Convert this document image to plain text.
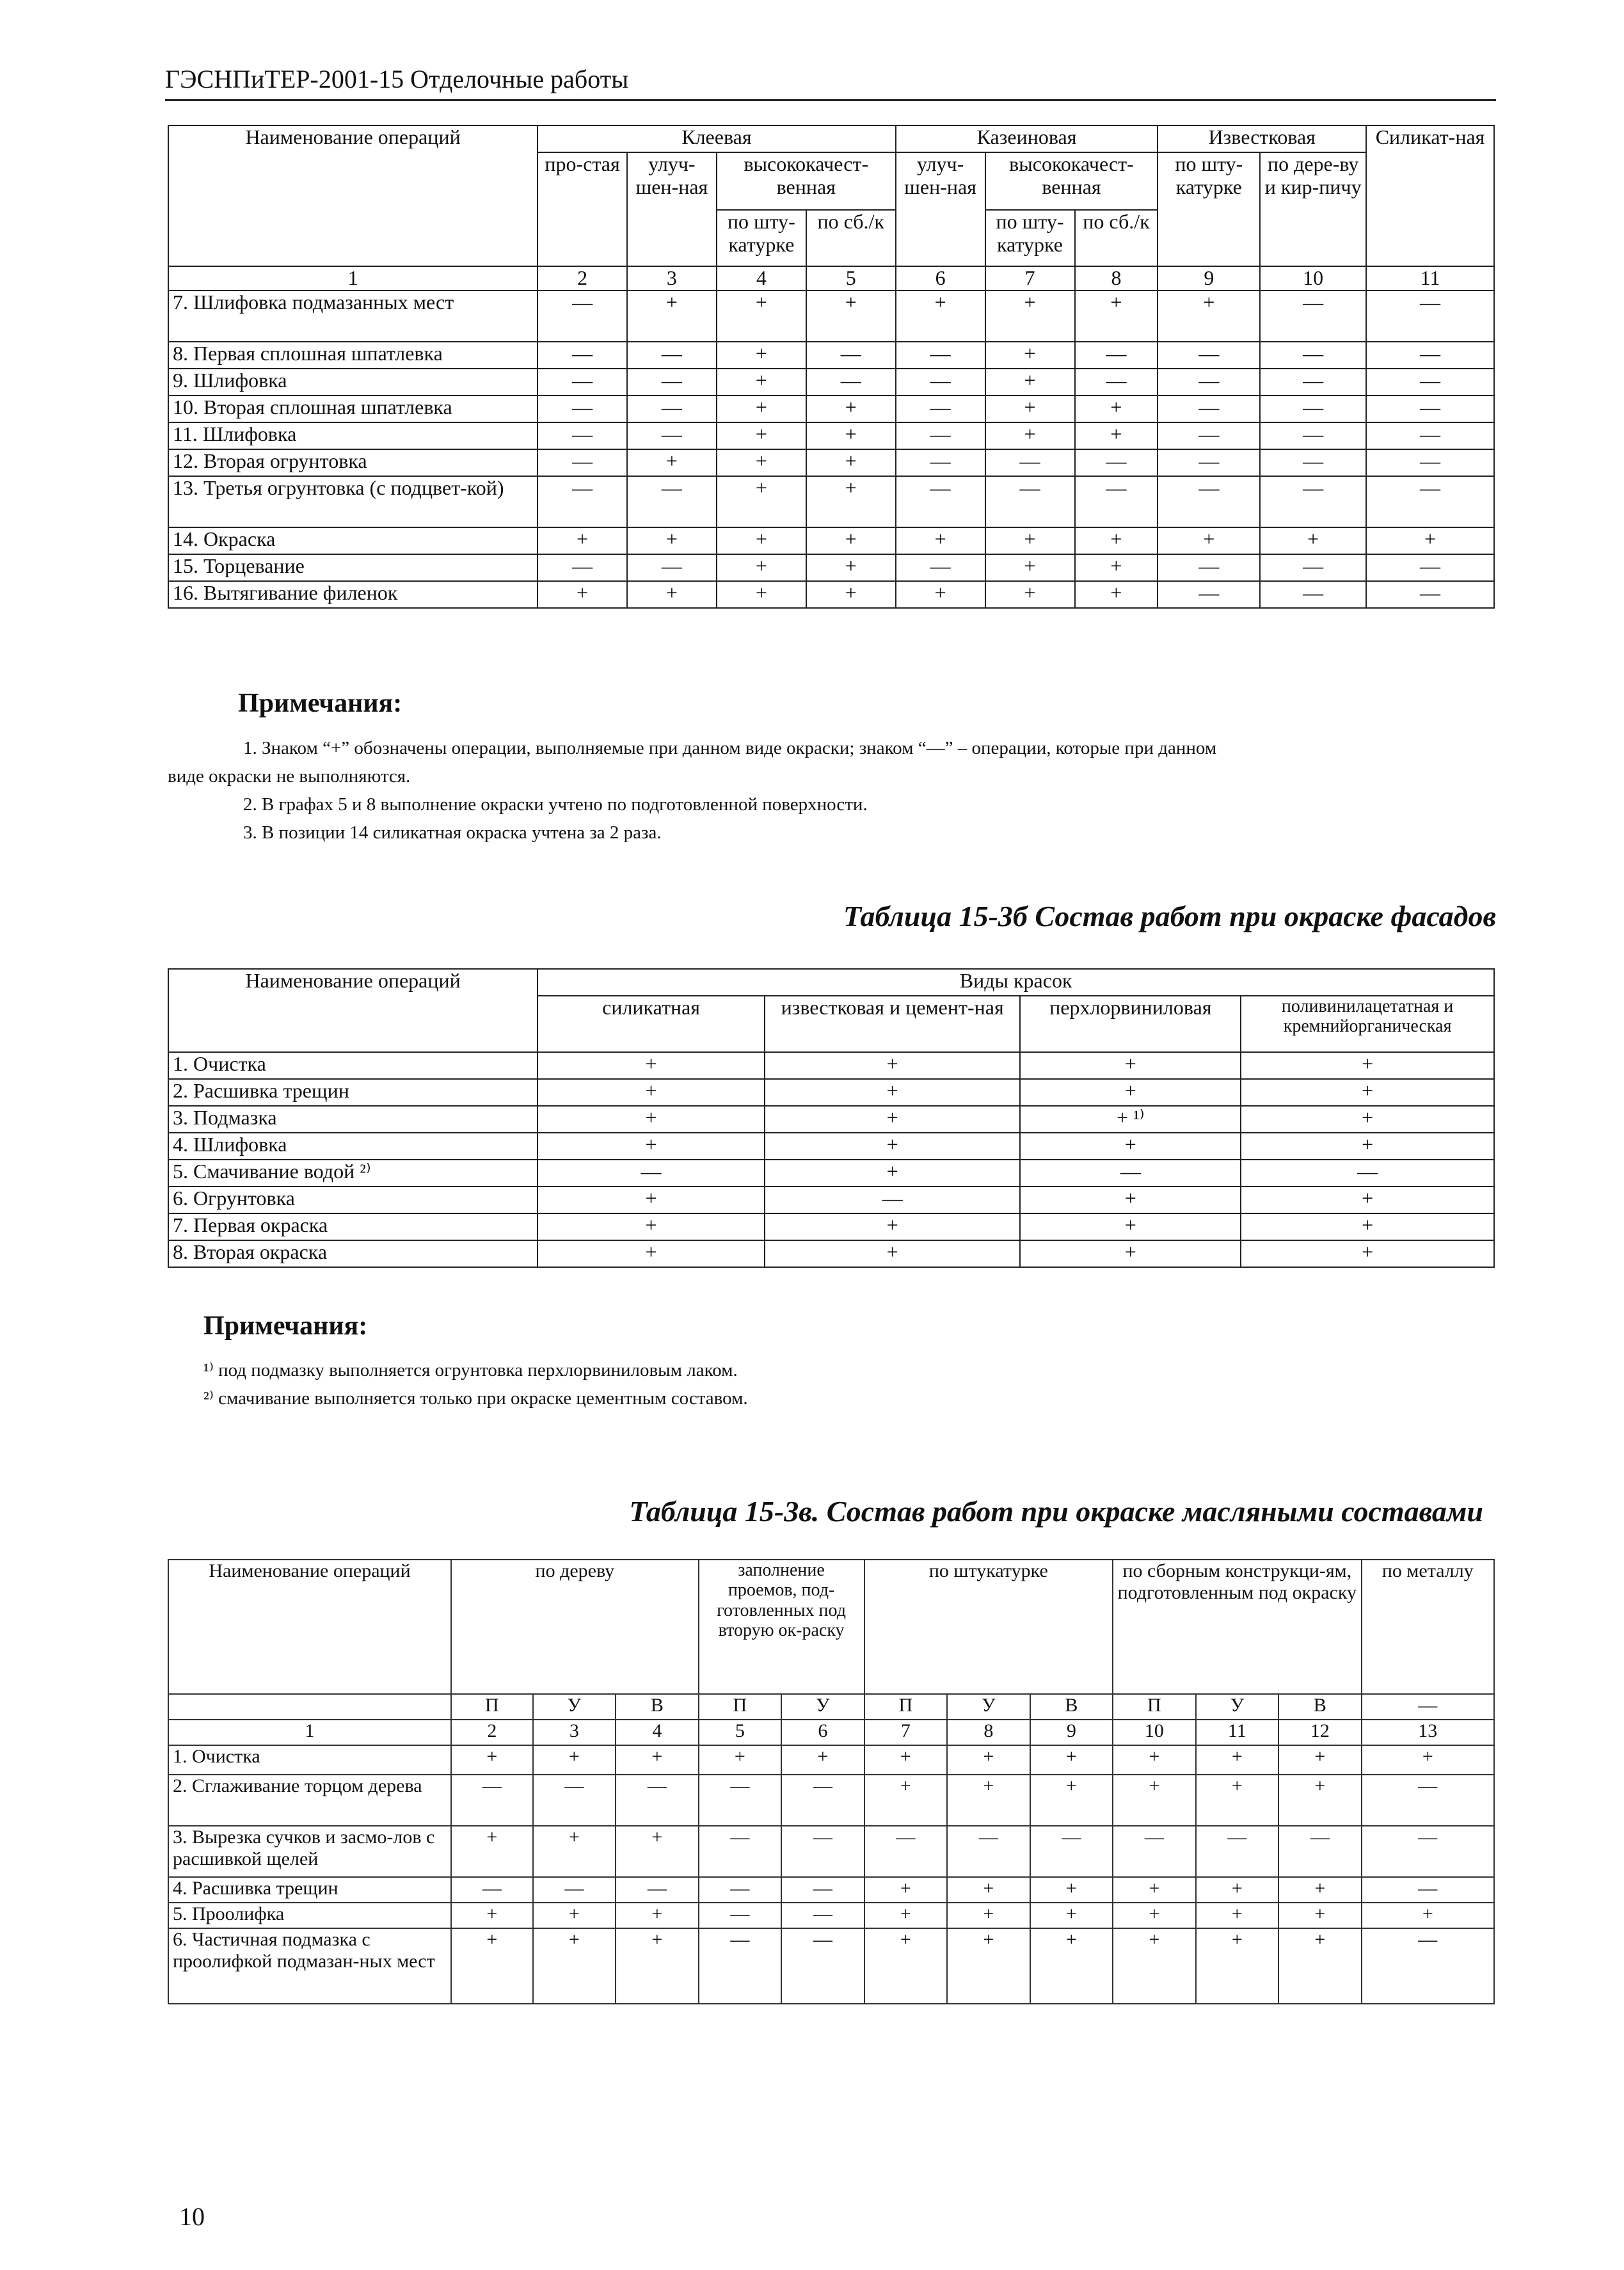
ГЭСНПиТЕР-2001-15 Отделочные работы
Наименование операций	Клеевая				Казеиновая			Известковая		Силикат-ная
	про-стая	улуч-шен-ная	высококачест-венная		улуч-шен-ная	высококачест-венная		по шту-катурке	по дере-ву и кир-пичу	
			по шту-катурке	по сб./к		по шту-катурке	по сб./к			
1	2	3	4	5	6	7	8	9	10	11
7. Шлифовка подмазанных мест	—	+	+	+	+	+	+	+	—	—
8. Первая сплошная шпатлевка	—	—	+	—	—	+	—	—	—	—
9. Шлифовка	—	—	+	—	—	+	—	—	—	—
10. Вторая сплошная шпатлевка	—	—	+	+	—	+	+	—	—	—
11. Шлифовка	—	—	+	+	—	+	+	—	—	—
12. Вторая огрунтовка	—	+	+	+	—	—	—	—	—	—
13. Третья огрунтовка (с подцвет-кой)	—	—	+	+	—	—	—	—	—	—
14. Окраска	+	+	+	+	+	+	+	+	+	+
15. Торцевание	—	—	+	+	—	+	+	—	—	—
16. Вытягивание филенок	+	+	+	+	+	+	+	—	—	—
Примечания:
1. Знаком “+” обозначены операции, выполняемые при данном виде окраски; знаком “—” – операции, которые при данном
виде окраски не выполняются.
2. В графах 5 и 8 выполнение окраски учтено по подготовленной поверхности.
3. В позиции 14 силикатная окраска учтена за 2 раза.
Таблица 15-3б Состав работ при окраске фасадов
Наименование операций	Виды красок			
	силикатная	известковая и цемент-ная	перхлорвиниловая	поливинилацетатная и кремнийорганическая
1. Очистка	+	+	+	+
2. Расшивка трещин	+	+	+	+
3. Подмазка	+	+	+ ¹⁾	+
4. Шлифовка	+	+	+	+
5. Смачивание водой ²⁾	—	+	—	—
6. Огрунтовка	+	—	+	+
7. Первая окраска	+	+	+	+
8. Вторая окраска	+	+	+	+
Примечания:
¹⁾ под подмазку выполняется огрунтовка перхлорвиниловым лаком.
²⁾ смачивание выполняется только при окраске цементным составом.
Таблица 15-3в. Состав работ при окраске масляными составами
Наименование операций	по дереву			заполнение проемов, под-готовленных под вторую ок-раску		по штукатурке			по сборным конструкци-ям, подготовленным под окраску			по металлу
	П	У	В	П	У	П	У	В	П	У	В	—
1	2	3	4	5	6	7	8	9	10	11	12	13
1. Очистка	+	+	+	+	+	+	+	+	+	+	+	+
2. Сглаживание торцом дерева	—	—	—	—	—	+	+	+	+	+	+	—
3. Вырезка сучков и засмо-лов с расшивкой щелей	+	+	+	—	—	—	—	—	—	—	—	—
4. Расшивка трещин	—	—	—	—	—	+	+	+	+	+	+	—
5. Проолифка	+	+	+	—	—	+	+	+	+	+	+	+
6. Частичная подмазка с проолифкой подмазан-ных мест	+	+	+	—	—	+	+	+	+	+	+	—
10
